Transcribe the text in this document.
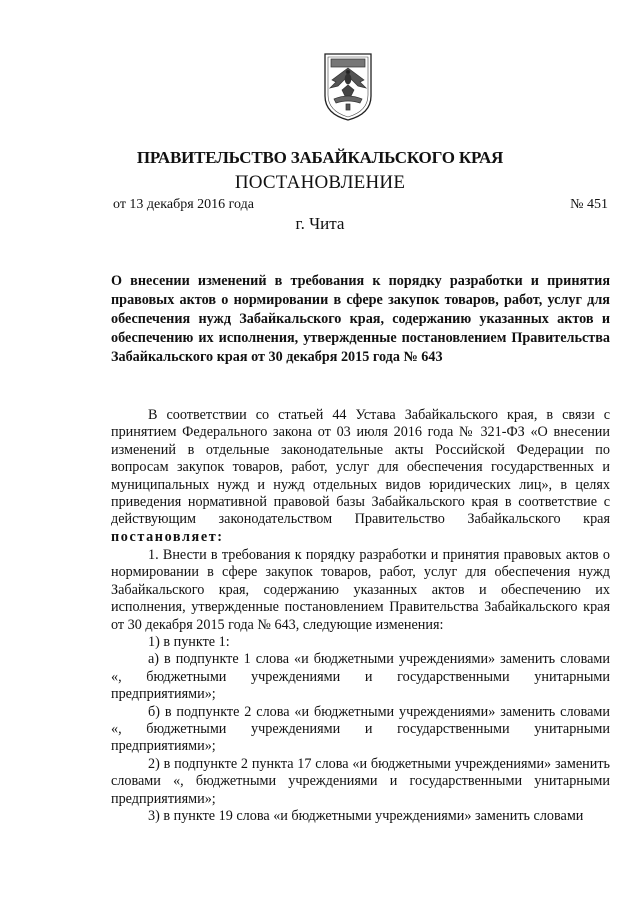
ПРАВИТЕЛЬСТВО ЗАБАЙКАЛЬСКОГО КРАЯ
ПОСТАНОВЛЕНИЕ
от 13 декабря 2016 года	№ 451
г. Чита
О внесении изменений в требования к порядку разработки и принятия правовых актов о нормировании в сфере закупок товаров, работ, услуг для обеспечения нужд Забайкальского края, содержанию указанных актов и обеспечению их исполнения, утвержденные постановлением Правительства Забайкальского края от 30 декабря 2015 года № 643

В соответствии со статьей 44 Устава Забайкальского края, в связи с принятием Федерального закона от 03 июля 2016 года № 321-ФЗ «О внесении изменений в отдельные законодательные акты Российской Федерации по вопросам закупок товаров, работ, услуг для обеспечения государственных и муниципальных нужд и нужд отдельных видов юридических лиц», в целях приведения нормативной правовой базы Забайкальского края в соответствие с действующим законодательством Правительство Забайкальского края постановляет:

1. Внести в требования к порядку разработки и принятия правовых актов о нормировании в сфере закупок товаров, работ, услуг для обеспечения нужд Забайкальского края, содержанию указанных актов и обеспечению их исполнения, утвержденные постановлением Правительства Забайкальского края от 30 декабря 2015 года № 643, следующие изменения:

1) в пункте 1:

а) в подпункте 1 слова «и бюджетными учреждениями» заменить словами «, бюджетными учреждениями и государственными унитарными предприятиями»;

б) в подпункте 2 слова «и бюджетными учреждениями» заменить словами «, бюджетными учреждениями и государственными унитарными предприятиями»;

2) в подпункте 2 пункта 17 слова «и бюджетными учреждениями» заменить словами «, бюджетными учреждениями и государственными унитарными предприятиями»;

3) в пункте 19 слова «и бюджетными учреждениями» заменить словами
